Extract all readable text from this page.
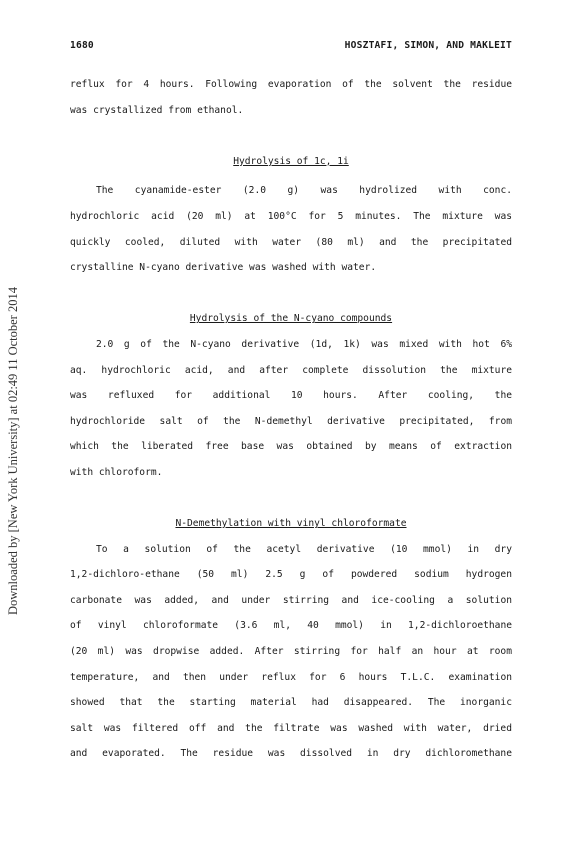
Downloaded by [New York University] at 02:49 11 October 2014
1680	HOSZTAFI, SIMON, AND MAKLEIT
reflux for 4 hours. Following evaporation of the solvent the residue
was crystallized from ethanol.
Hydrolysis of 1c, 1i
The cyanamide-ester (2.0 g) was hydrolized with conc.
hydrochloric acid (20 ml) at 100°C for 5 minutes. The mixture was
quickly cooled, diluted with water (80 ml) and the precipitated
crystalline N-cyano derivative was washed with water.
Hydrolysis of the N-cyano compounds
2.0 g of the N-cyano derivative (1d, 1k) was mixed with hot 6%
aq. hydrochloric acid, and after complete dissolution the mixture
was refluxed for additional 10 hours. After cooling, the
hydrochloride salt of the N-demethyl derivative precipitated, from
which the liberated free base was obtained by means of extraction
with chloroform.
N-Demethylation with vinyl chloroformate
To a solution of the acetyl derivative (10 mmol) in dry
1,2-dichloro-ethane (50 ml) 2.5 g of powdered sodium hydrogen
carbonate was added, and under stirring and ice-cooling a solution
of vinyl chloroformate (3.6 ml, 40 mmol) in 1,2-dichloroethane
(20 ml) was dropwise added. After stirring for half an hour at room
temperature, and then under reflux for 6 hours T.L.C. examination
showed that the starting material had disappeared. The inorganic
salt was filtered off and the filtrate was washed with water, dried
and evaporated. The residue was dissolved in dry dichloromethane
